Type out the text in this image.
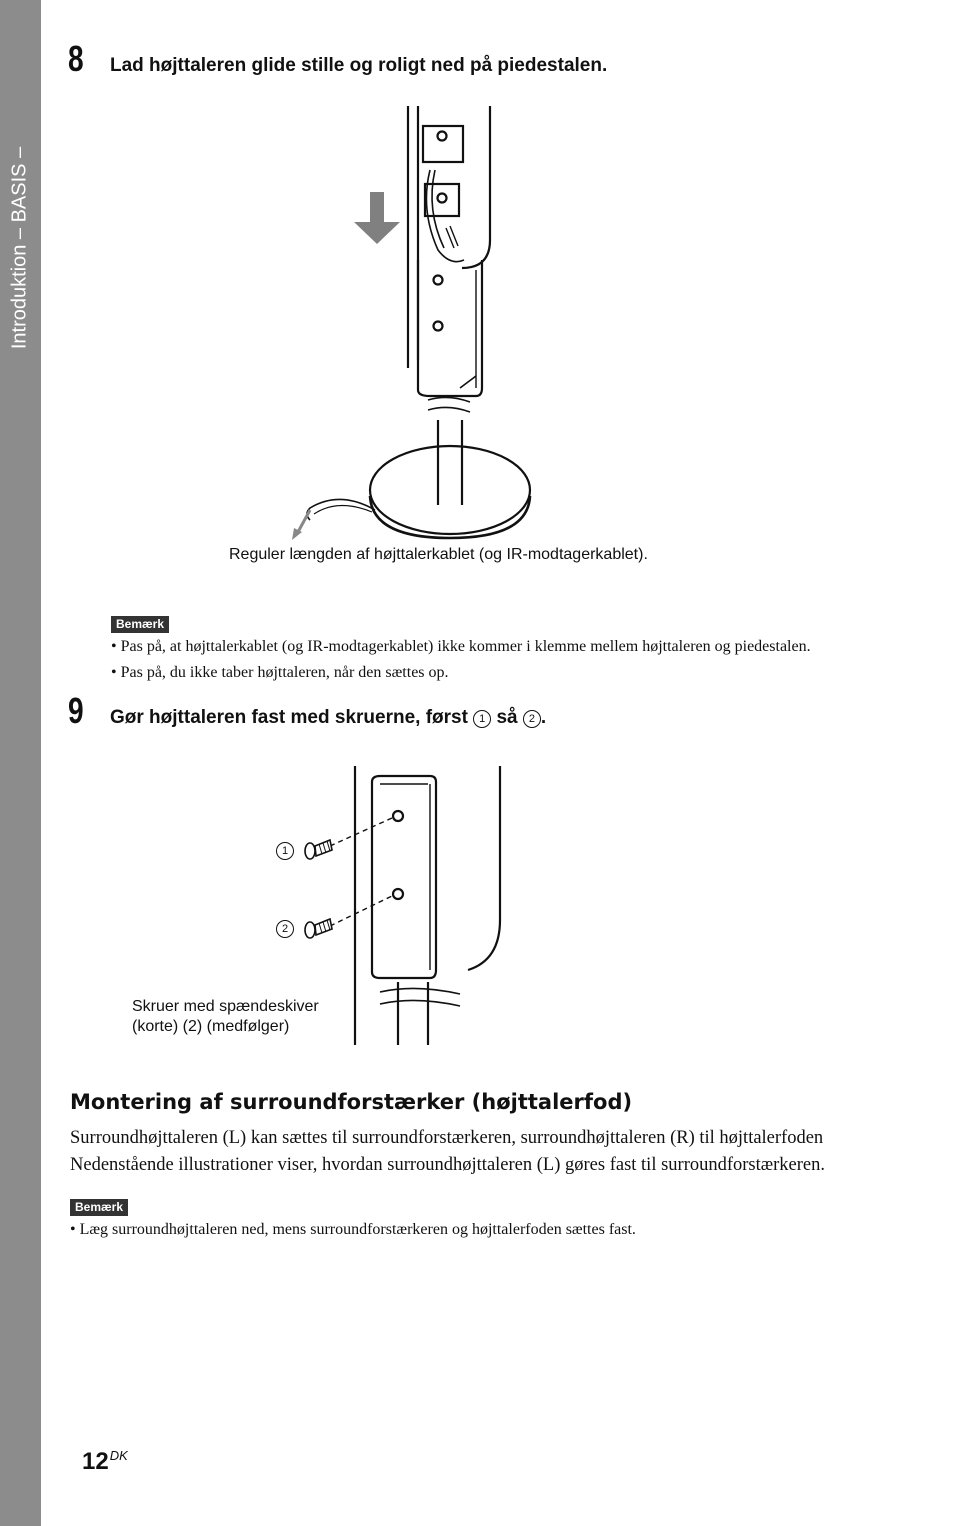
Introduktion – BASIS –
8	Lad højttaleren glide stille og roligt ned på piedestalen.
Reguler længden af højttalerkablet (og IR-modtagerkablet).
Bemærk
• Pas på, at højttalerkablet (og IR-modtagerkablet) ikke kommer i klemme mellem højttaleren og piedestalen.
• Pas på, du ikke taber højttaleren, når den sættes op.
9	Gør højttaleren fast med skruerne, først 1 så 2 .
1
2
Skruer med spændeskiver
(korte) (2) (medfølger)
Montering af surroundforstærker (højttalerfod)
Surroundhøjttaleren (L) kan sættes til surroundforstærkeren, surroundhøjttaleren (R) til højttalerfoden
Nedenstående illustrationer viser, hvordan surroundhøjttaleren (L) gøres fast til surroundforstærkeren.
Bemærk
• Læg surroundhøjttaleren ned, mens surroundforstærkeren og højttalerfoden sættes fast.
$12^{DK}$
